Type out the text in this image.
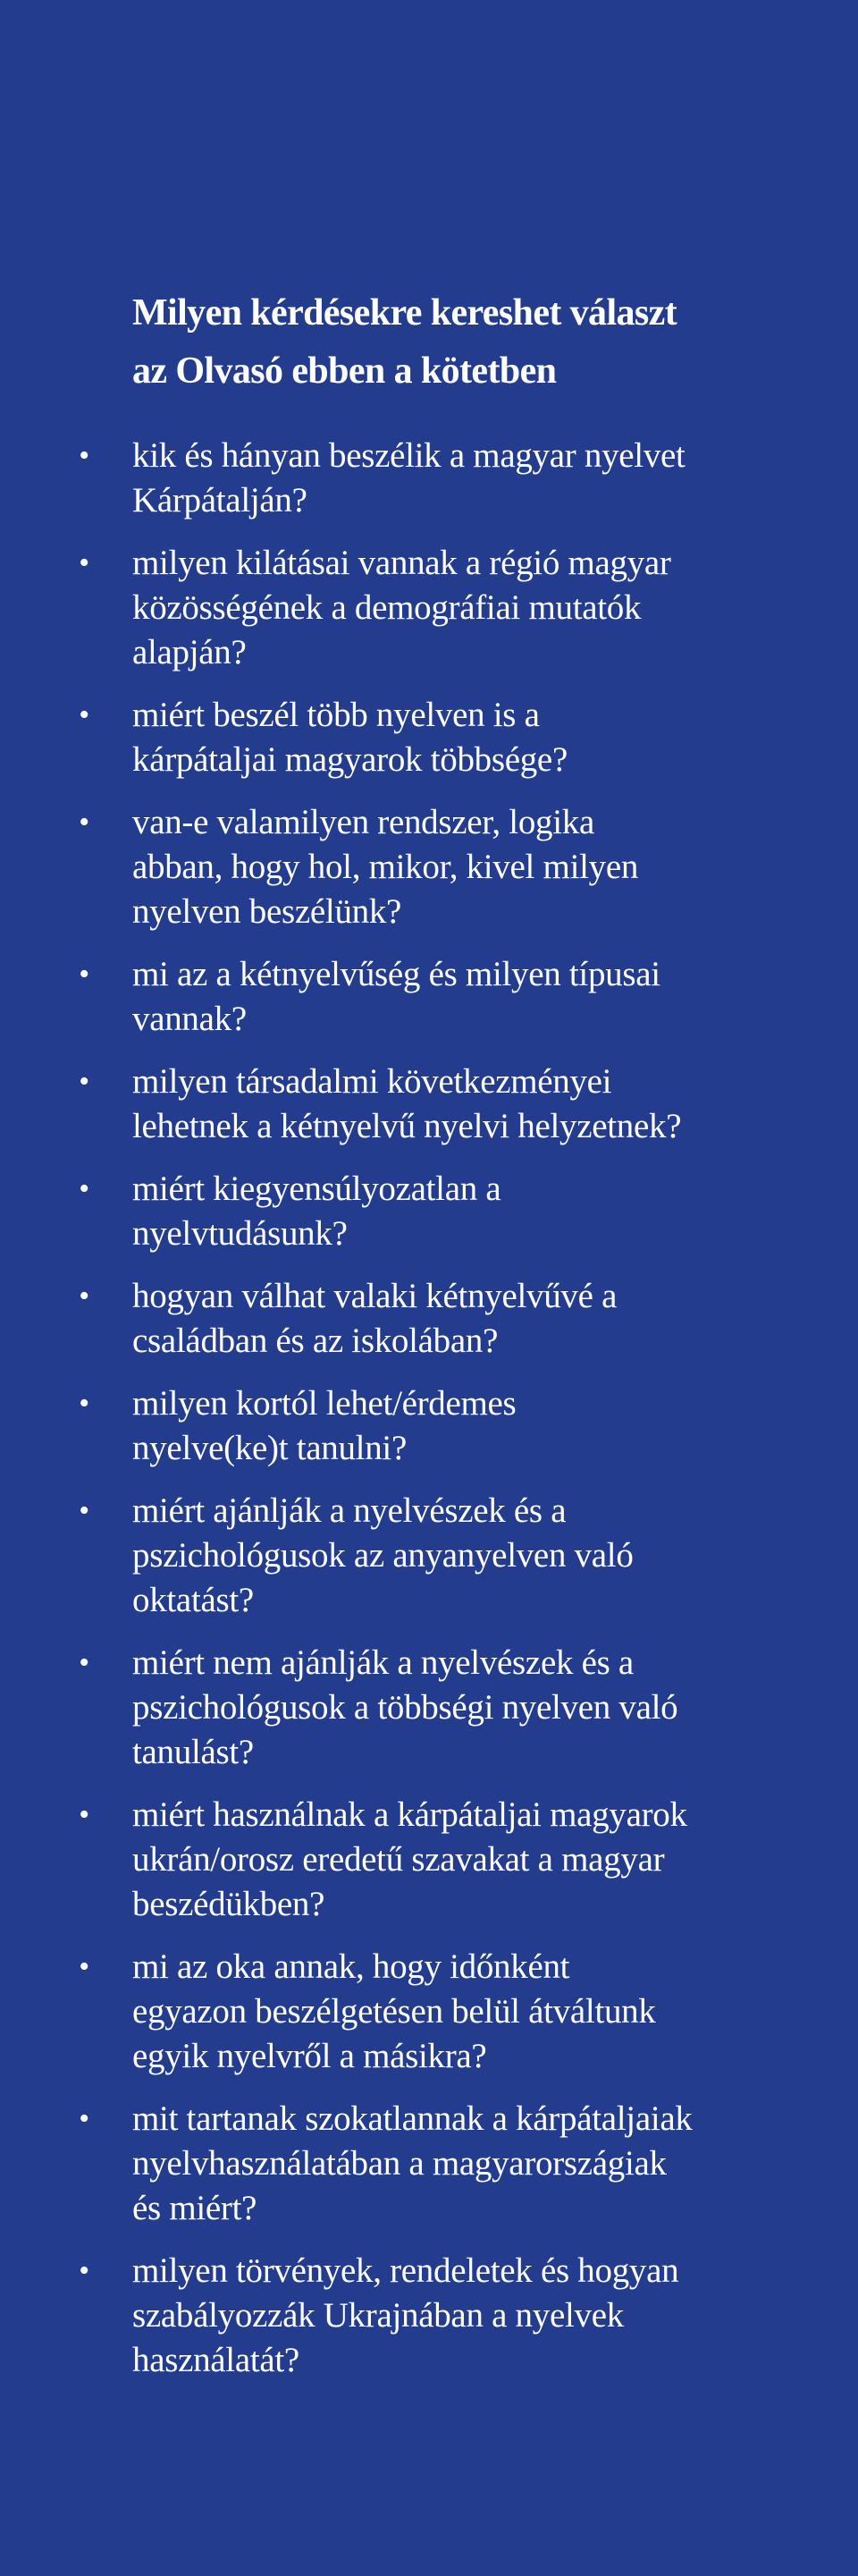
Milyen kérdésekre kereshet választ
az Olvasó ebben a kötetben
• kik és hányan beszélik a magyar nyelvet
Kárpátalján?
• milyen kilátásai vannak a régió magyar
közösségének a demográfiai mutatók
alapján?
• miért beszél több nyelven is a
kárpátaljai magyarok többsége?
• van-e valamilyen rendszer, logika
abban, hogy hol, mikor, kivel milyen
nyelven beszélünk?
• mi az a kétnyelvűség és milyen típusai
vannak?
• milyen társadalmi következményei
lehetnek a kétnyelvű nyelvi helyzetnek?
• miért kiegyensúlyozatlan a
nyelvtudásunk?
• hogyan válhat valaki kétnyelvűvé a
családban és az iskolában?
• milyen kortól lehet/érdemes
nyelve(ke)t tanulni?
• miért ajánlják a nyelvészek és a
pszichológusok az anyanyelven való
oktatást?
• miért nem ajánlják a nyelvészek és a
pszichológusok a többségi nyelven való
tanulást?
• miért használnak a kárpátaljai magyarok
ukrán/orosz eredetű szavakat a magyar
beszédükben?
• mi az oka annak, hogy időnként
egyazon beszélgetésen belül átváltunk
egyik nyelvről a másikra?
• mit tartanak szokatlannak a kárpátaljaiak
nyelvhasználatában a magyarországiak
és miért?
• milyen törvények, rendeletek és hogyan
szabályozzák Ukrajnában a nyelvek
használatát?
